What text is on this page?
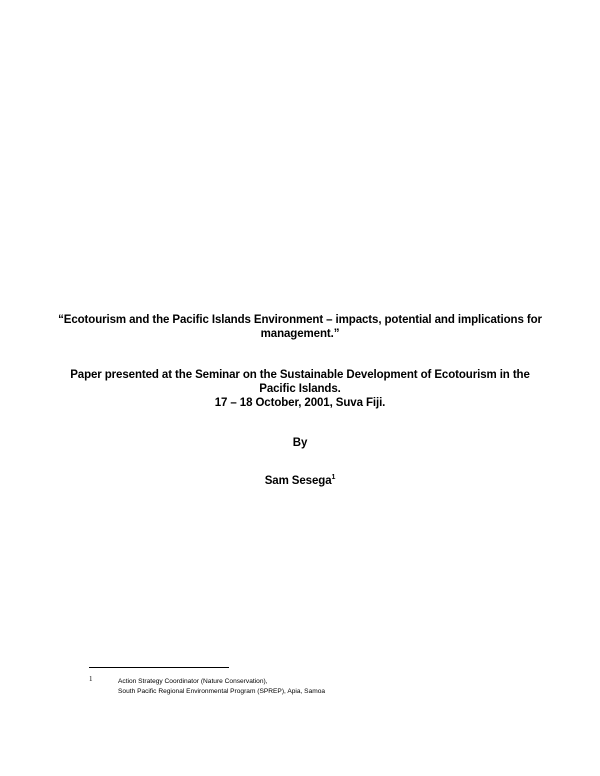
“Ecotourism and the Pacific Islands Environment – impacts, potential and implications for
management.”
Paper presented at the Seminar on the Sustainable Development of Ecotourism in the
Pacific Islands.
17 – 18 October, 2001, Suva Fiji.
By
Sam Sesega$^1$
1	Action Strategy Coordinator (Nature Conservation),
South Pacific Regional Environmental Program (SPREP), Apia, Samoa
